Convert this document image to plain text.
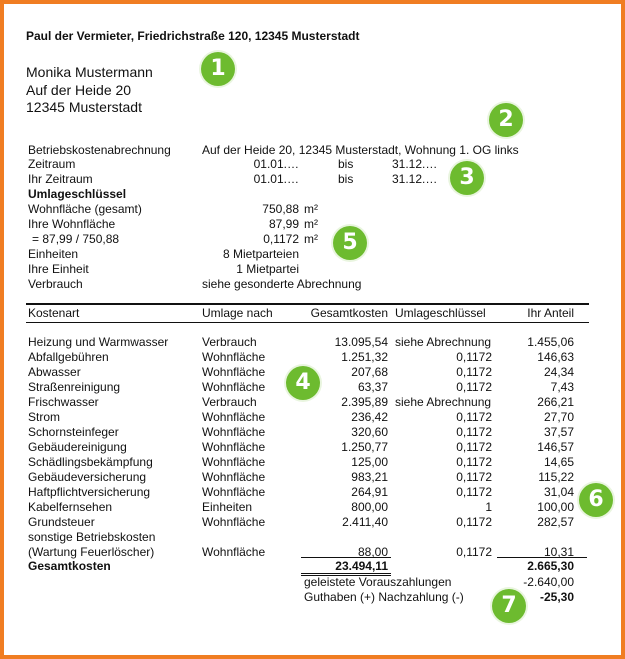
Paul der Vermieter, Friedrichstraße 120, 12345 Musterstadt
Monika Mustermann
Auf der Heide 20
12345 Musterstadt
Betriebskostenabrechnung	Auf der Heide 20, 12345 Musterstadt, Wohnung 1. OG links
Zeitraum	01.01.…	bis	31.12.…
Ihr Zeitraum	01.01.…	bis	31.12.…
Umlageschlüssel
Wohnfläche (gesamt)	750,88 m²
Ihre Wohnfläche	87,99 m²
= 87,99 / 750,88	0,1172 m²
Einheiten	8 Mietparteien
Ihre Einheit	1 Mietpartei
Verbrauch	siehe gesonderte Abrechnung
Kostenart	Umlage nach	Gesamtkosten Umlageschlüssel	Ihr Anteil
Heizung und Warmwasser	Verbrauch	13.095,54 siehe Abrechnung	1.455,06
Abfallgebühren	Wohnfläche	1.251,32	0,1172	146,63
Abwasser	Wohnfläche	207,68	0,1172	24,34
Straßenreinigung	Wohnfläche	63,37	0,1172	7,43
Frischwasser	Verbrauch	2.395,89 siehe Abrechnung	266,21
Strom	Wohnfläche	236,42	0,1172	27,70
Schornsteinfeger	Wohnfläche	320,60	0,1172	37,57
Gebäudereinigung	Wohnfläche	1.250,77	0,1172	146,57
Schädlingsbekämpfung	Wohnfläche	125,00	0,1172	14,65
Gebäudeversicherung	Wohnfläche	983,21	0,1172	115,22
Haftpflichtversicherung	Wohnfläche	264,91	0,1172	31,04
Kabelfernsehen	Einheiten	800,00	1	100,00
Grundsteuer	Wohnfläche	2.411,40	0,1172	282,57
sonstige Betriebskosten
(Wartung Feuerlöscher)	Wohnfläche	88,00	0,1172	10,31
Gesamtkosten	23.494,11	2.665,30
geleistete Vorauszahlungen	-2.640,00
Guthaben (+) Nachzahlung (-)	-25,30
1
2
3
4
5
6
7
